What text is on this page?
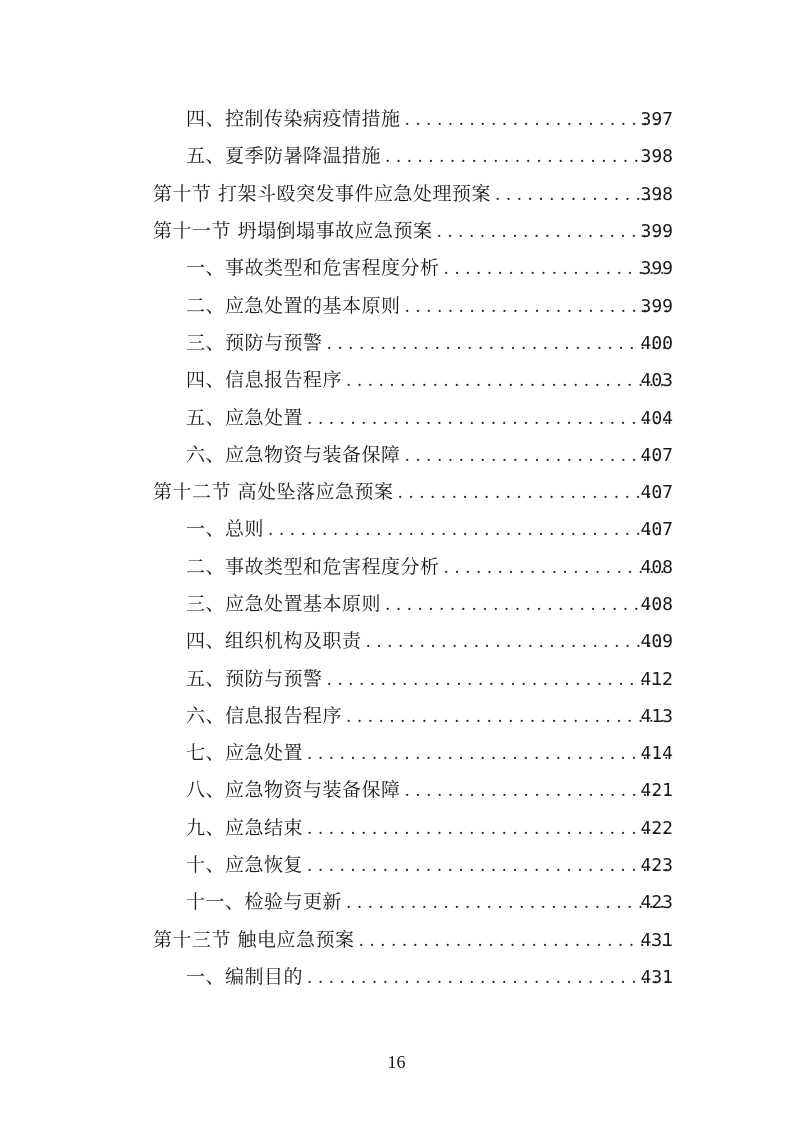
四、控制传染病疫情措施 . . .	397
五、夏季防暑降温措施 . . .	398
第十节 打架斗殴突发事件应急处理预案 . . .	398
第十一节 坍塌倒塌事故应急预案 . . .	399
一、事故类型和危害程度分析 . . .	399
二、应急处置的基本原则 . . .	399
三、预防与预警 . . .	400
四、信息报告程序 . . .	403
五、应急处置 . . .	404
六、应急物资与装备保障 . . .	407
第十二节 高处坠落应急预案 . . .	407
一、总则 . . .	407
二、事故类型和危害程度分析 . . .	408
三、应急处置基本原则 . . .	408
四、组织机构及职责 . . .	409
五、预防与预警 . . .	412
六、信息报告程序 . . .	413
七、应急处置 . . .	414
八、应急物资与装备保障 . . .	421
九、应急结束 . . .	422
十、应急恢复 . . .	423
十一、检验与更新 . . .	423
第十三节 触电应急预案 . . .	431
一、编制目的 . . .	431
16
